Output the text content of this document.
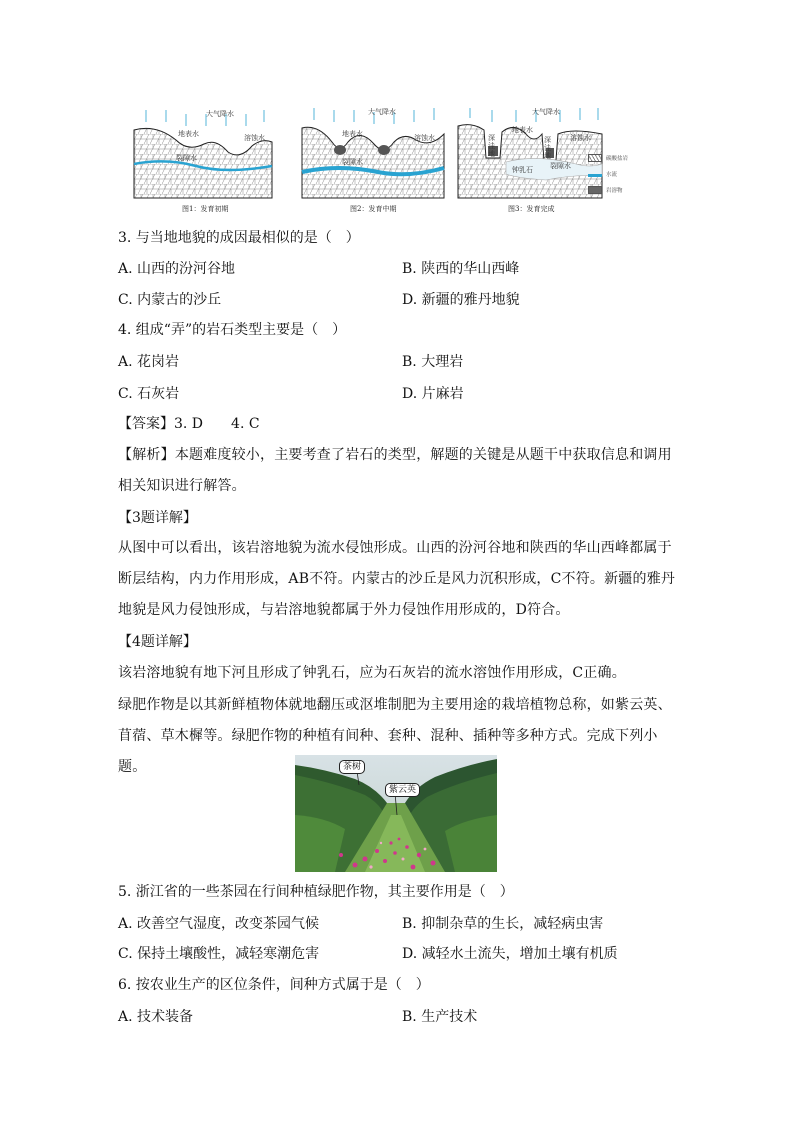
大气降水
地表水	溶蚀水
裂隙水
图1：发育初期
大气降水
地表水	溶蚀水
裂隙水
图2：发育中期
大气降水
地表水
溶蚀水
深洼地
深洼地
钟乳石 裂隙水
图3：发育完成
碳酸盐岩
水流
岩溶物
3. 与当地地貌的成因最相似的是（　）
A. 山西的汾河谷地	B. 陕西的华山西峰
C. 内蒙古的沙丘	D. 新疆的雅丹地貌
4. 组成“弄”的岩石类型主要是（　）
A. 花岗岩	B. 大理岩
C. 石灰岩	D. 片麻岩
【答案】3. D　　4. C
【解析】本题难度较小，主要考查了岩石的类型，解题的关键是从题干中获取信息和调用相关知识进行解答。
【3题详解】
从图中可以看出，该岩溶地貌为流水侵蚀形成。山西的汾河谷地和陕西的华山西峰都属于断层结构，内力作用形成，AB不符。内蒙古的沙丘是风力沉积形成，C不符。新疆的雅丹地貌是风力侵蚀形成，与岩溶地貌都属于外力侵蚀作用形成的，D符合。
【4题详解】
该岩溶地貌有地下河且形成了钟乳石，应为石灰岩的流水溶蚀作用形成，C正确。
绿肥作物是以其新鲜植物体就地翻压或沤堆制肥为主要用途的栽培植物总称，如紫云英、苜蓿、草木樨等。绿肥作物的种植有间种、套种、混种、插种等多种方式。完成下列小题。	茶树
紫云英
5. 浙江省的一些茶园在行间种植绿肥作物，其主要作用是（　）
A. 改善空气湿度，改变茶园气候	B. 抑制杂草的生长，减轻病虫害
C. 保持土壤酸性，减轻寒潮危害	D. 减轻水土流失，增加土壤有机质
6. 按农业生产的区位条件，间种方式属于是（　）
A. 技术装备	B. 生产技术
